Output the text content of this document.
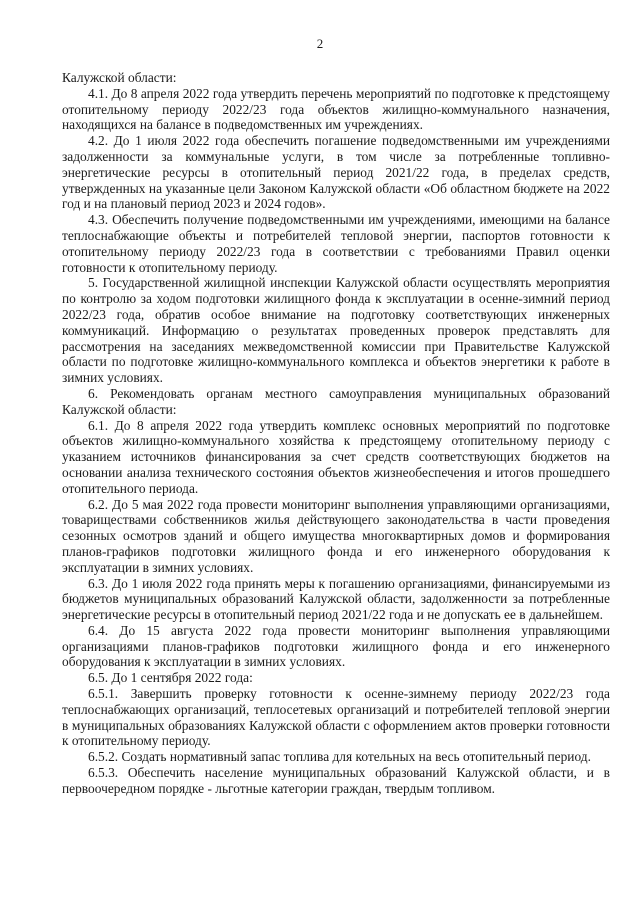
2

Калужской области:

4.1. До 8 апреля 2022 года утвердить перечень мероприятий по подготовке к предстоящему отопительному периоду 2022/23 года объектов жилищно-коммунального назначения, находящихся на балансе в подведомственных им учреждениях.

4.2. До 1 июля 2022 года обеспечить погашение подведомственными им учреждениями задолженности за коммунальные услуги, в том числе за потребленные топливно-энергетические ресурсы в отопительный период 2021/22 года, в пределах средств, утвержденных на указанные цели Законом Калужской области «Об областном бюджете на 2022 год и на плановый период 2023 и 2024 годов».

4.3. Обеспечить получение подведомственными им учреждениями, имеющими на балансе теплоснабжающие объекты и потребителей тепловой энергии, паспортов готовности к отопительному периоду 2022/23 года в соответствии с требованиями Правил оценки готовности к отопительному периоду.

5. Государственной жилищной инспекции Калужской области осуществлять мероприятия по контролю за ходом подготовки жилищного фонда к эксплуатации в осенне-зимний период 2022/23 года, обратив особое внимание на подготовку соответствующих инженерных коммуникаций. Информацию о результатах проведенных проверок представлять для рассмотрения на заседаниях межведомственной комиссии при Правительстве Калужской области по подготовке жилищно-коммунального комплекса и объектов энергетики к работе в зимних условиях.

6. Рекомендовать органам местного самоуправления муниципальных образований Калужской области:

6.1. До 8 апреля 2022 года утвердить комплекс основных мероприятий по подготовке объектов жилищно-коммунального хозяйства к предстоящему отопительному периоду с указанием источников финансирования за счет средств соответствующих бюджетов на основании анализа технического состояния объектов жизнеобеспечения и итогов прошедшего отопительного периода.

6.2. До 5 мая 2022 года провести мониторинг выполнения управляющими организациями, товариществами собственников жилья действующего законодательства в части проведения сезонных осмотров зданий и общего имущества многоквартирных домов и формирования планов-графиков подготовки жилищного фонда и его инженерного оборудования к эксплуатации в зимних условиях.

6.3. До 1 июля 2022 года принять меры к погашению организациями, финансируемыми из бюджетов муниципальных образований Калужской области, задолженности за потребленные энергетические ресурсы в отопительный период 2021/22 года и не допускать ее в дальнейшем.

6.4. До 15 августа 2022 года провести мониторинг выполнения управляющими организациями планов-графиков подготовки жилищного фонда и его инженерного оборудования к эксплуатации в зимних условиях.

6.5. До 1 сентября 2022 года:

6.5.1. Завершить проверку готовности к осенне-зимнему периоду 2022/23 года теплоснабжающих организаций, теплосетевых организаций и потребителей тепловой энергии в муниципальных образованиях Калужской области с оформлением актов проверки готовности к отопительному периоду.

6.5.2. Создать нормативный запас топлива для котельных на весь отопительный период.

6.5.3. Обеспечить население муниципальных образований Калужской области, и в первоочередном порядке - льготные категории граждан, твердым топливом.
